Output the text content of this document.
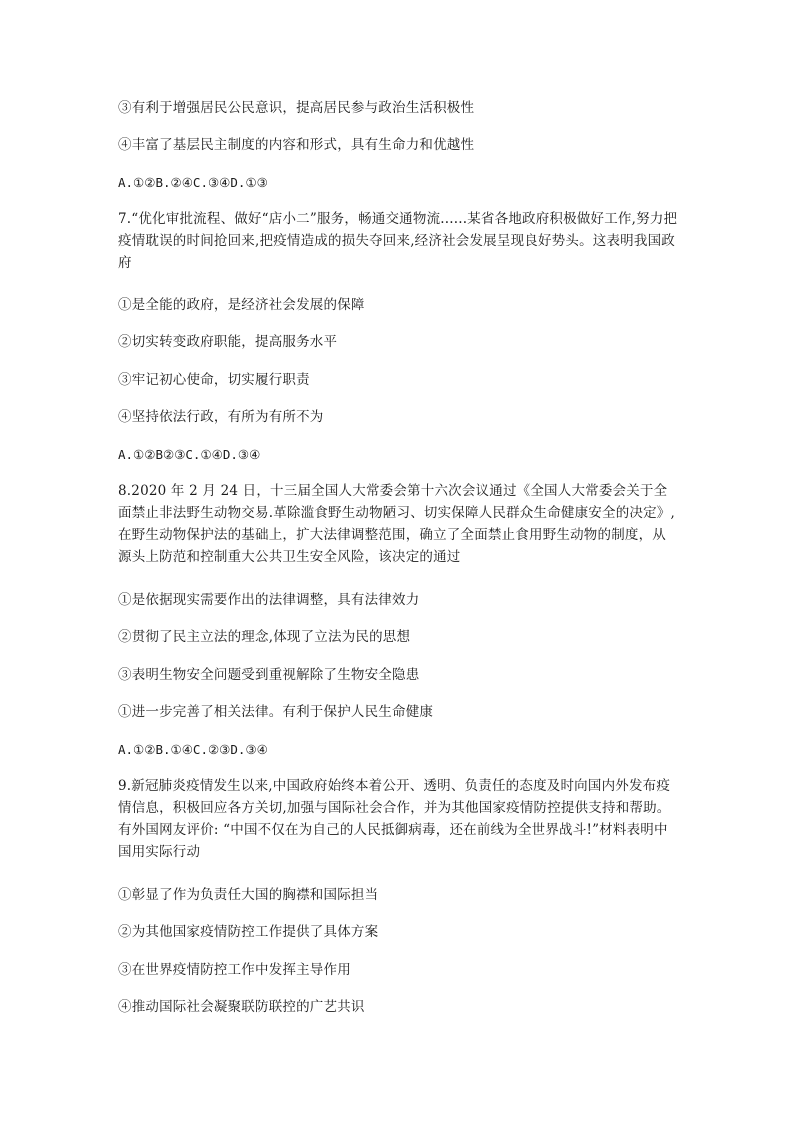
③有利于增强居民公民意识，提高居民参与政治生活积极性
④丰富了基层民主制度的内容和形式，具有生命力和优越性
A.①②B.②④C.③④D.①③
7.“优化审批流程、做好“店小二”服务，畅通交通物流......某省各地政府积极做好工作,努力把疫情耽误的时间抢回来,把疫情造成的损失夺回来,经济社会发展呈现良好势头。这表明我国政府
①是全能的政府，是经济社会发展的保障
②切实转变政府职能，提高服务水平
③牢记初心使命，切实履行职责
④坚持依法行政，有所为有所不为
A.①②B②③C.①④D.③④
8.2020 年 2 月 24 日，十三届全国人大常委会第十六次会议通过《全国人大常委会关于全面禁止非法野生动物交易.革除滥食野生动物陋习、切实保障人民群众生命健康安全的决定》,在野生动物保护法的基础上，扩大法律调整范围，确立了全面禁止食用野生动物的制度，从源头上防范和控制重大公共卫生安全风险，该决定的通过
①是依据现实需要作出的法律调整，具有法律效力
②贯彻了民主立法的理念,体现了立法为民的思想
③表明生物安全问题受到重视解除了生物安全隐患
①进一步完善了相关法律。有利于保护人民生命健康
A.①②B.①④C.②③D.③④
9.新冠肺炎疫情发生以来,中国政府始终本着公开、透明、负责任的态度及时向国内外发布疫情信息，积极回应各方关切,加强与国际社会合作，并为其他国家疫情防控提供支持和帮助。有外国网友评价: “中国不仅在为自己的人民抵御病毒，还在前线为全世界战斗!”材料表明中国用实际行动
①彰显了作为负责任大国的胸襟和国际担当
②为其他国家疫情防控工作提供了具体方案
③在世界疫情防控工作中发挥主导作用
④推动国际社会凝聚联防联控的广艺共识
